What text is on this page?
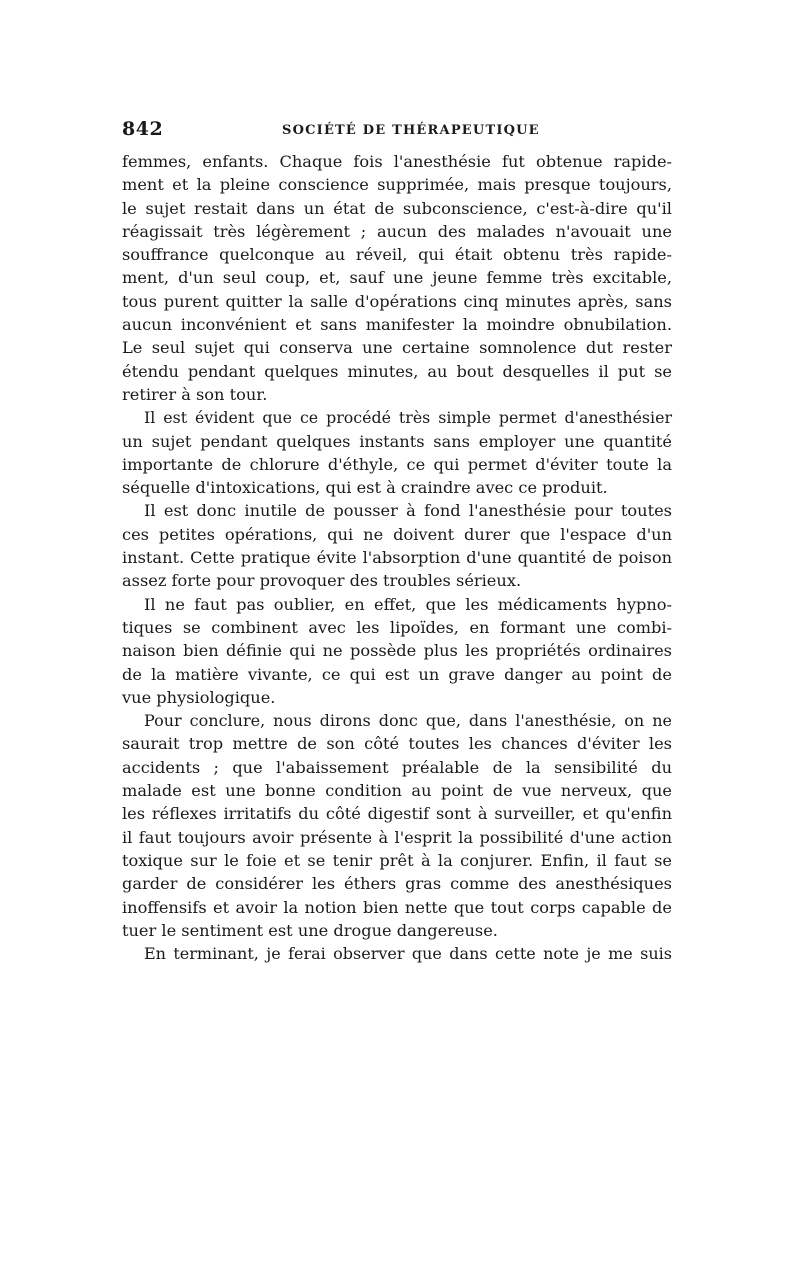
842	SOCIÉTÉ DE THÉRAPEUTIQUE
femmes, enfants. Chaque fois l'anesthésie fut obtenue rapide-
ment et la pleine conscience supprimée, mais presque toujours,
le sujet restait dans un état de subconscience, c'est-à-dire qu'il
réagissait très légèrement ; aucun des malades n'avouait une
souffrance quelconque au réveil, qui était obtenu très rapide-
ment, d'un seul coup, et, sauf une jeune femme très excitable,
tous purent quitter la salle d'opérations cinq minutes après, sans
aucun inconvénient et sans manifester la moindre obnubilation.
Le seul sujet qui conserva une certaine somnolence dut rester
étendu pendant quelques minutes, au bout desquelles il put se
retirer à son tour.
Il est évident que ce procédé très simple permet d'anesthésier
un sujet pendant quelques instants sans employer une quantité
importante de chlorure d'éthyle, ce qui permet d'éviter toute la
séquelle d'intoxications, qui est à craindre avec ce produit.
Il est donc inutile de pousser à fond l'anesthésie pour toutes
ces petites opérations, qui ne doivent durer que l'espace d'un
instant. Cette pratique évite l'absorption d'une quantité de poison
assez forte pour provoquer des troubles sérieux.
Il ne faut pas oublier, en effet, que les médicaments hypno-
tiques se combinent avec les lipoïdes, en formant une combi-
naison bien définie qui ne possède plus les propriétés ordinaires
de la matière vivante, ce qui est un grave danger au point de
vue physiologique.
Pour conclure, nous dirons donc que, dans l'anesthésie, on ne
saurait trop mettre de son côté toutes les chances d'éviter les
accidents ; que l'abaissement préalable de la sensibilité du
malade est une bonne condition au point de vue nerveux, que
les réflexes irritatifs du côté digestif sont à surveiller, et qu'enfin
il faut toujours avoir présente à l'esprit la possibilité d'une action
toxique sur le foie et se tenir prêt à la conjurer. Enfin, il faut se
garder de considérer les éthers gras comme des anesthésiques
inoffensifs et avoir la notion bien nette que tout corps capable de
tuer le sentiment est une drogue dangereuse.
En terminant, je ferai observer que dans cette note je me suis
